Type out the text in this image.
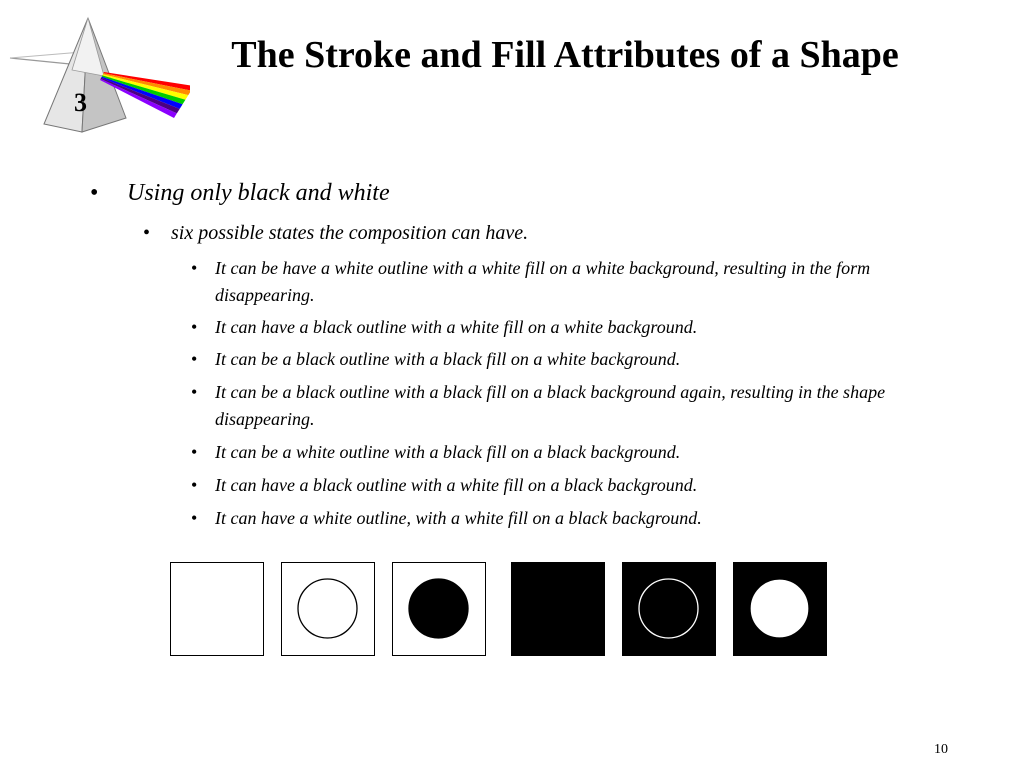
3
The Stroke and Fill Attributes of a Shape
• Using only black and white
• six possible states the composition can have.
• It can be have a white outline with a white fill on a white background, resulting in the form disappearing.
• It can have a black outline with a white fill on a white background.
• It can be a black outline with a black fill on a white background.
• It can be a black outline with a black fill on a black background again, resulting in the shape disappearing.
• It can be a white outline with a black fill on a black background.
• It can have a black outline with a white fill on a black background.
• It can have a white outline, with a white fill on a black background.
10
